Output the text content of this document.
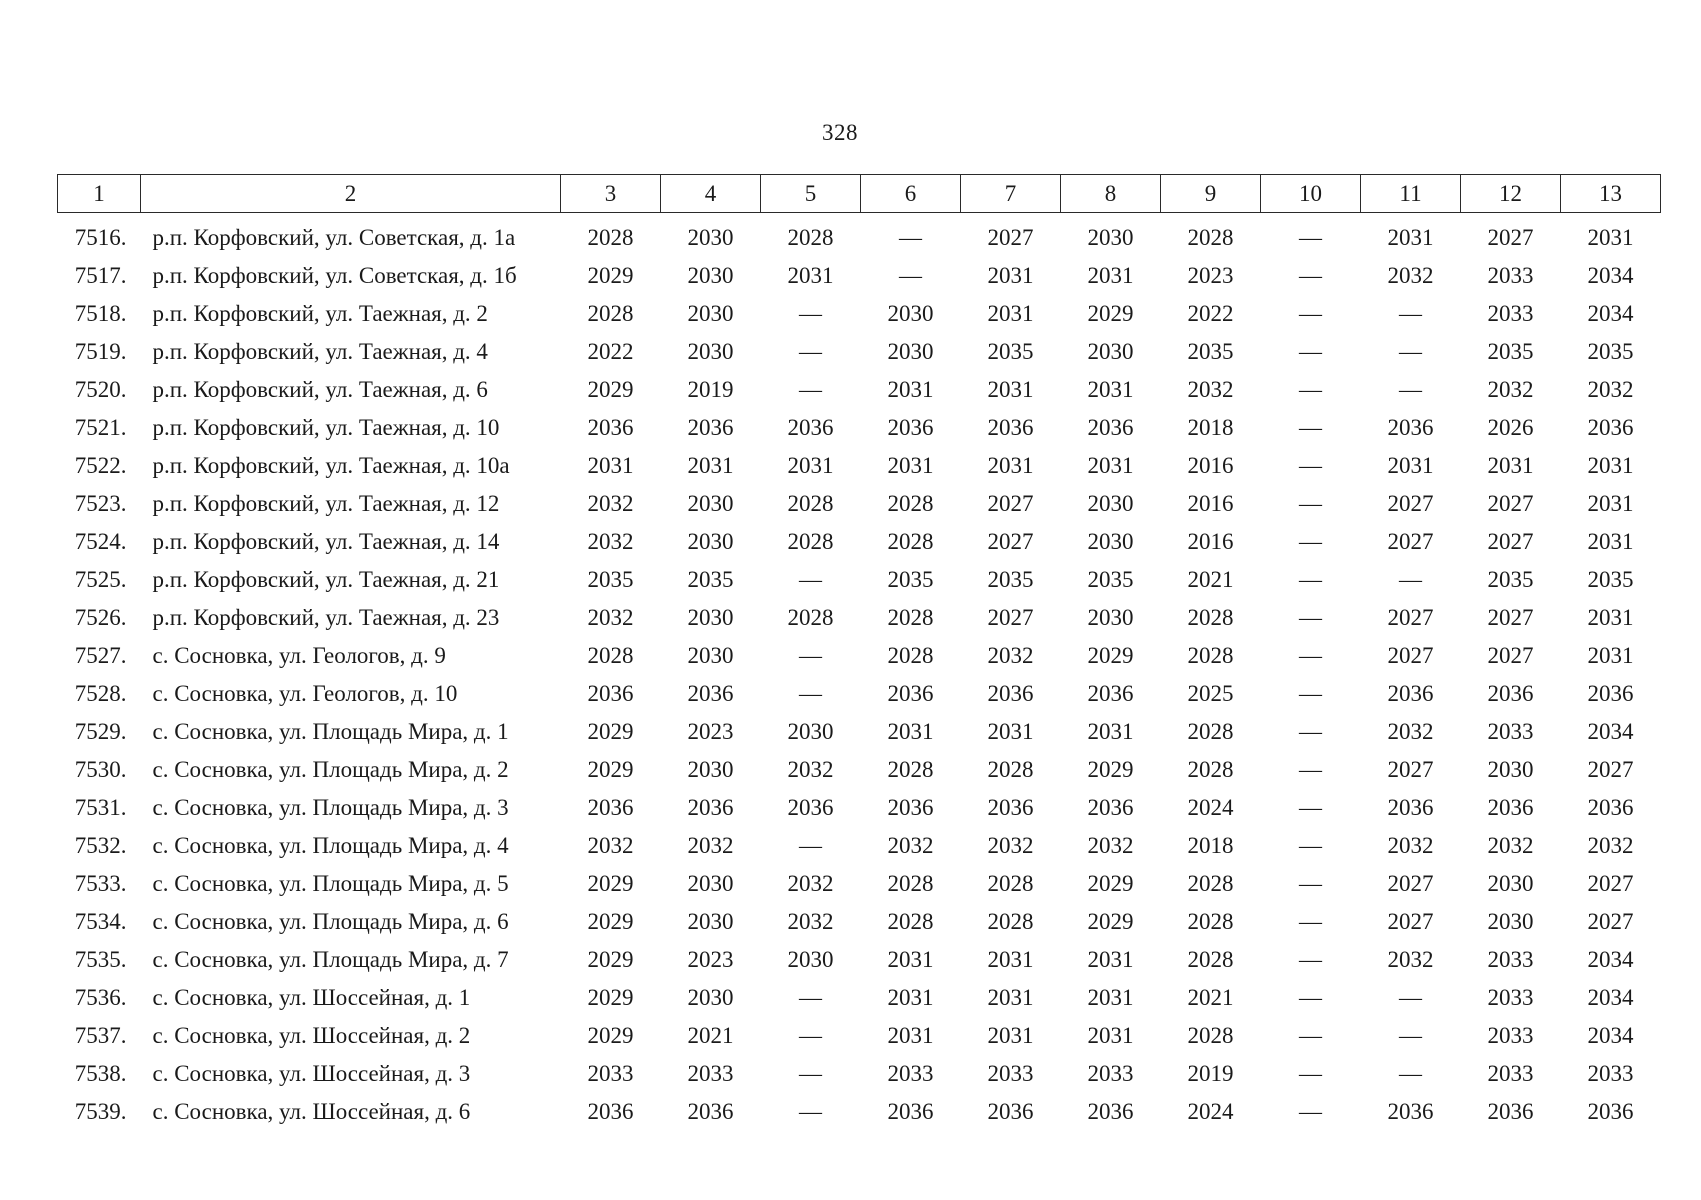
328
1	2	3	4	5	6	7	8	9	10	11	12	13
7516.	р.п. Корфовский, ул. Советская, д. 1а	2028	2030	2028	—	2027	2030	2028	—	2031	2027	2031
7517.	р.п. Корфовский, ул. Советская, д. 1б	2029	2030	2031	—	2031	2031	2023	—	2032	2033	2034
7518.	р.п. Корфовский, ул. Таежная, д. 2	2028	2030	—	2030	2031	2029	2022	—	—	2033	2034
7519.	р.п. Корфовский, ул. Таежная, д. 4	2022	2030	—	2030	2035	2030	2035	—	—	2035	2035
7520.	р.п. Корфовский, ул. Таежная, д. 6	2029	2019	—	2031	2031	2031	2032	—	—	2032	2032
7521.	р.п. Корфовский, ул. Таежная, д. 10	2036	2036	2036	2036	2036	2036	2018	—	2036	2026	2036
7522.	р.п. Корфовский, ул. Таежная, д. 10а	2031	2031	2031	2031	2031	2031	2016	—	2031	2031	2031
7523.	р.п. Корфовский, ул. Таежная, д. 12	2032	2030	2028	2028	2027	2030	2016	—	2027	2027	2031
7524.	р.п. Корфовский, ул. Таежная, д. 14	2032	2030	2028	2028	2027	2030	2016	—	2027	2027	2031
7525.	р.п. Корфовский, ул. Таежная, д. 21	2035	2035	—	2035	2035	2035	2021	—	—	2035	2035
7526.	р.п. Корфовский, ул. Таежная, д. 23	2032	2030	2028	2028	2027	2030	2028	—	2027	2027	2031
7527.	с. Сосновка, ул. Геологов, д. 9	2028	2030	—	2028	2032	2029	2028	—	2027	2027	2031
7528.	с. Сосновка, ул. Геологов, д. 10	2036	2036	—	2036	2036	2036	2025	—	2036	2036	2036
7529.	с. Сосновка, ул. Площадь Мира, д. 1	2029	2023	2030	2031	2031	2031	2028	—	2032	2033	2034
7530.	с. Сосновка, ул. Площадь Мира, д. 2	2029	2030	2032	2028	2028	2029	2028	—	2027	2030	2027
7531.	с. Сосновка, ул. Площадь Мира, д. 3	2036	2036	2036	2036	2036	2036	2024	—	2036	2036	2036
7532.	с. Сосновка, ул. Площадь Мира, д. 4	2032	2032	—	2032	2032	2032	2018	—	2032	2032	2032
7533.	с. Сосновка, ул. Площадь Мира, д. 5	2029	2030	2032	2028	2028	2029	2028	—	2027	2030	2027
7534.	с. Сосновка, ул. Площадь Мира, д. 6	2029	2030	2032	2028	2028	2029	2028	—	2027	2030	2027
7535.	с. Сосновка, ул. Площадь Мира, д. 7	2029	2023	2030	2031	2031	2031	2028	—	2032	2033	2034
7536.	с. Сосновка, ул. Шоссейная, д. 1	2029	2030	—	2031	2031	2031	2021	—	—	2033	2034
7537.	с. Сосновка, ул. Шоссейная, д. 2	2029	2021	—	2031	2031	2031	2028	—	—	2033	2034
7538.	с. Сосновка, ул. Шоссейная, д. 3	2033	2033	—	2033	2033	2033	2019	—	—	2033	2033
7539.	с. Сосновка, ул. Шоссейная, д. 6	2036	2036	—	2036	2036	2036	2024	—	2036	2036	2036
